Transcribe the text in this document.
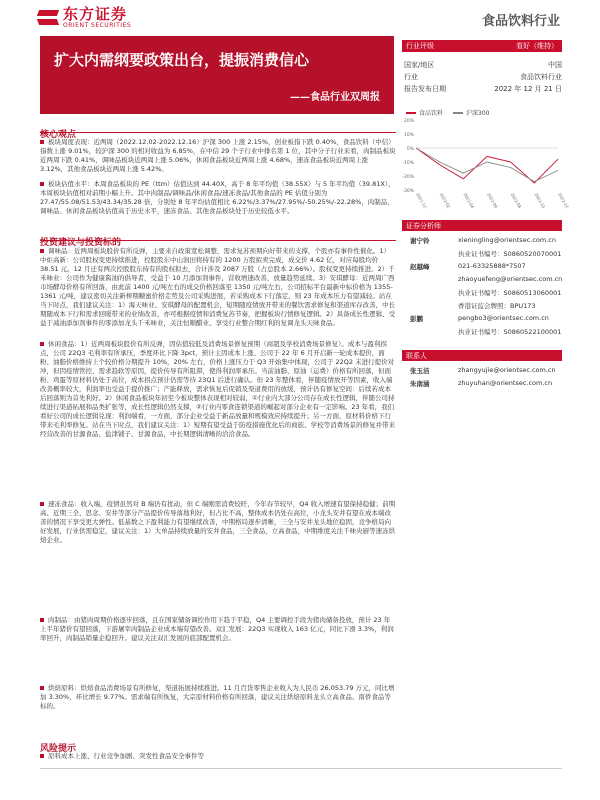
东方证券
ORIENT SECURITIES	食品饮料行业
扩大内需纲要政策出台，提振消费信心
——食品行业双周报
行业评级	看好（维持）
国家/地区	中国
行业	食品饮料行业
报告发布日期	2022 年 12 月 21 日
食品饮料	沪深300
-30%
-20%
-10%
0%
10%
20%
2021-12	2022-02	2022-04	2022-06	2022-08	2022-10	2022-12
核心观点
板块周度表现：近两周（2022.12.02-2022.12.16）沪深 300 上涨 2.15%，创业板指下跌 0.40%，食品饮料（中信）指数上涨 9.01%，较沪深 300 的相对收益为 6.85%，在中信 29 个子行业中排名第 1 位，其中分子行业来看，肉制品板块近两周下跌 0.41%，调味品板块近两周上涨 5.06%，休闲食品板块近两周上涨 4.68%，速冻食品板块近两周上涨 3.12%，其他食品板块近两周上涨 5.42%。
板块估值水平：本周食品板块的 PE（ttm）估值达到 44.40X，高于 8 年平均值（38.55X）与 5 年平均值（39.81X），本周板块估值相对前期小幅上升。其中肉制品/调味品/休闲食品/速冻食品/其他食品的 PE 估值分别为 27.47/55.08/51.53/43.34/35.28 倍，分别处 8 年平均估值相比 6.22%/3.37%/27.95%/-50.25%/-22.28%，肉制品、调味品、休闲食品板块估值高于历史水平，速冻食品、其他食品板块处于历史较低水平。
投资建议与投资标的
证券分析师
谢宁铃	xieningling@orientsec.com.cn
执业证书编号：S0860520070001
赵越峰	021-63325888*7507
zhaoyuefeng@orientsec.com.cn
执业证书编号：S0860513060001
香港证监会牌照：BPU173
彭鹏	pengbo3@orientsec.com.cn
执业证书编号：S0860522100001
联系人
张玉洁	zhangyujie@orientsec.com.cn
朱南涵	zhuyuhan@orientsec.com.cn
调味品：近两周板块股价有所反弹，主要来自政策宽松调整，需求复苏预期向好带来的支撑，个股亦有事件性催化。1）中炬高新：公司股权变更持续推进，控股股东中山润田将持有的 1200 万股拟卖完成，成交价 4.62 亿，对应每股均价 38.51 元。12 月迁有两次控股股东持有的股权拟去，合计涉及 2087 万股（占总股本 2.66%）。股权变更持续推进。2）千禾味业：公司作为健康酱油的倡导者，受益于 10 月添加剂事件，营收增速改善，放量趋势延续。3）安琪酵母：近两周广西市场酵母价格有所回落，由此前 1400 元/吨左右的成交价格回落至 1350 元/吨左右，公司招标平台最新中标价格为 1355-1361 元/吨，建议密切关注新榨期糖蜜价格走势及公司采购进展，若采购成本下行落定，则 23 年成本压力有望减轻。站在当下时点，我们建议关注：1）海天味业、安琪酵母的配置机会，短期随疫情放开带来的餐饮需求修复和渠道库存改善，中长期随成本下行和需求回暖带来的业绩改善，亦可根据疫情和消费复苏节奏，把握板块行情修复逻辑。2）具备成长性逻辑、受益于减油添加剂事件的零添加龙头千禾味业，关注恒顺醋业、享受行业整合期红利的复调龙头天味食品。
休闲食品：1）近两周板块股价有所反弹，因估值较低及消费场景修复预期（商超及学校消费场景修复）。成本与盈利拐点，公司 22Q3 毛利率有所承压，季度环比下降 3pct，预计主因成本上涨、公司于 22 年 6 月开启新一轮成本提价，面粉、油脂价格维持上个较价格分期提升 10%，20% 左右，价格上涨压力于 Q3 开始集中体现，公司于 22Q2 末进行提价对冲，但因疫情管控，需求趋软等原因，提价传导有所阻滞，使得利润率承压。当前油脂、原油（运费）价格有所回落，但面粉、鸡蛋等原材料仍处于高位，成本拐点预计仍需等待 23Q1 后进行确认。但 23 年整体看，伴随疫情放开等因素，收入端改善概率较大，利润率也受益于提价推广；产能释放，需求恢复后促销及渠道费用的放缓，预计仍有修复空间：后续若成本后回落则为首先利好。2）休闲食品板块年初至今板块整体表现相对较弱，①行业内大部分公司存在成长性逻辑，伴随公司持续进行渠道拓展和品类扩张等，成长性逻辑仍然支撑，②行业内零食连锁渠道的崛起对部分企业有一定影响。23 年看，我们看好公司的成长逻辑兑现：利润端看，一方面，部分企业受益于新品放量和规模效应持续提升；另一方面，原材料价格下行带来毛利率修复。站在当下时点，我们建议关注：1）短期有望受益于防疫措施优化后的商旅、学校等消费场景的修复并带来经营改善的甘源食品、盐津铺子、甘源食品，中长期逻辑清晰的洽洽食品。
速冻食品：收入端，疫情虽然对 B 端仍有扰动，但 C 端刚需消费较旺，今年春节较早，Q4 收入增速有望保持稳健；前期高、近期三全、思念、安井等部分产品提价传导落地利好，但占比不高，整体成本仍处在高位，小龙头安井有望在成本端改善的情况下享受更大弹性。低基数之下盈利能力有望继续改善，中期格局逐步清晰，三全与安井龙头地位稳固，竞争格局向好发展，行业供需稳定，建议关注：1）大单品持续放量的安井食品，三全食品，立高食品，中期维度关注千味央厨等速冻烘焙企业。
肉制品：由猪肉周期价格逐步回落，且在国家储备调控作用下趋于平稳，Q4 主要调控手段为猪肉储备投放，预计 23 年上半年猪价有望回落，下游屠宰肉制品企业成本端有望改善。双汇发展：22Q3 实现收入 163 亿元，同比下滑 3.3%，利润率回升，肉制品销量企稳回升。建议关注双汇发展的底部配置机会。
烘焙原料：烘焙食品消费场景有所修复，渠道拓展持续推进。11 月百货零售企业收入为人民币 26,053.79 万元，同比增加 3.30%，环比增长 9.77%。需求端有所恢复，大宗原材料价格有所回落，建议关注烘焙原料龙头立高食品、南侨食品等标的。
风险提示
原料成本上涨、行业竞争加剧、突发性食品安全事件等
